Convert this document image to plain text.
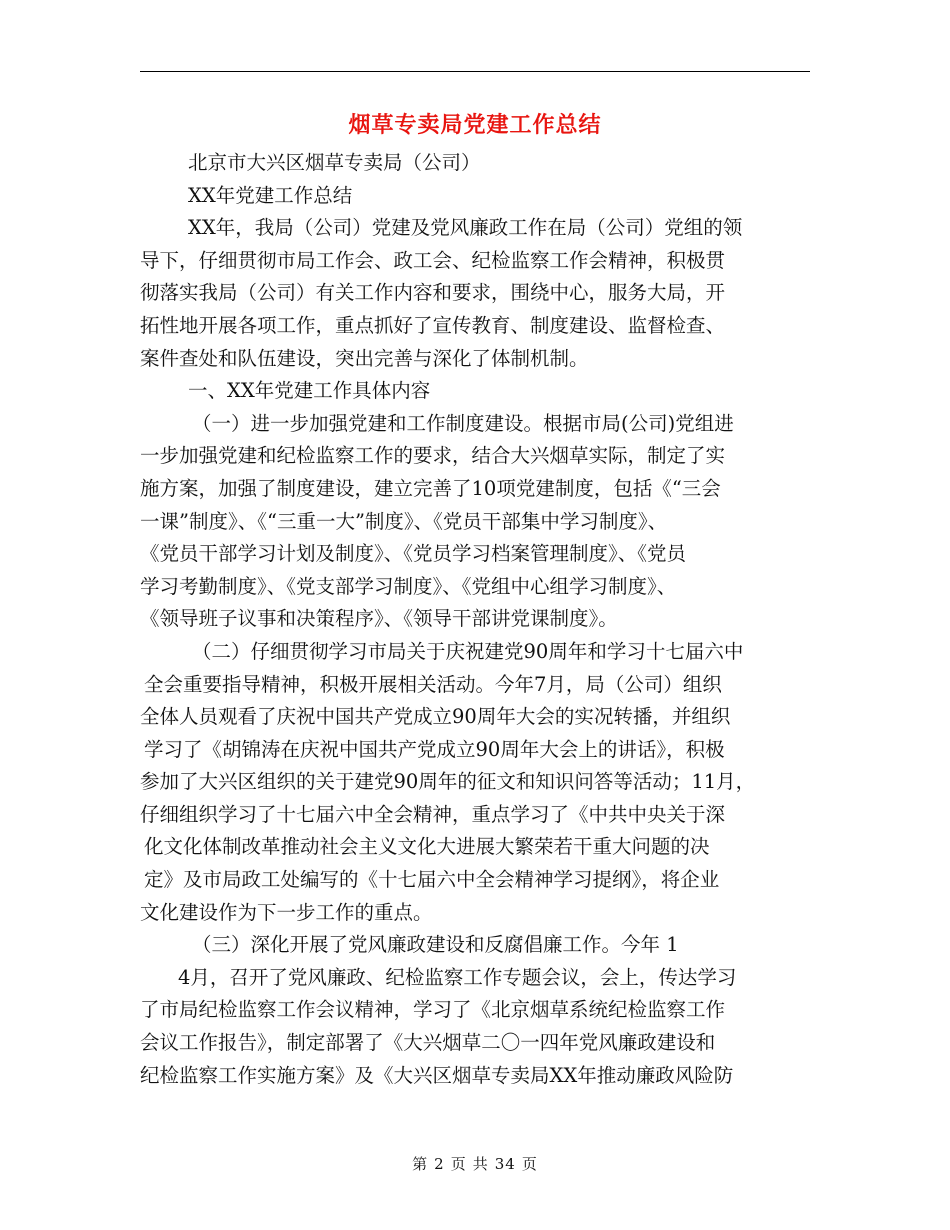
烟草专卖局党建工作总结
北京市大兴区烟草专卖局（公司）
XX年党建工作总结
XX年，我局（公司）党建及党风廉政工作在局（公司）党组的领
导下，仔细贯彻市局工作会、政工会、纪检监察工作会精神，积极贯
彻落实我局（公司）有关工作内容和要求，围绕中心，服务大局，开
拓性地开展各项工作，重点抓好了宣传教育、制度建设、监督检查、
案件查处和队伍建设，突出完善与深化了体制机制。
一、XX年党建工作具体内容
（一）进一步加强党建和工作制度建设。根据市局(公司)党组进
一步加强党建和纪检监察工作的要求，结合大兴烟草实际，制定了实
施方案，加强了制度建设，建立完善了10项党建制度，包括《“三会
一课”制度》、《“三重一大”制度》、《党员干部集中学习制度》、
《党员干部学习计划及制度》、《党员学习档案管理制度》、《党员
学习考勤制度》、《党支部学习制度》、《党组中心组学习制度》、
《领导班子议事和决策程序》、《领导干部讲党课制度》。
（二）仔细贯彻学习市局关于庆祝建党90周年和学习十七届六中
全会重要指导精神，积极开展相关活动。今年7月，局（公司）组织
全体人员观看了庆祝中国共产党成立90周年大会的实况转播，并组织
学习了《胡锦涛在庆祝中国共产党成立90周年大会上的讲话》，积极
参加了大兴区组织的关于建党90周年的征文和知识问答等活动；11月，
仔细组织学习了十七届六中全会精神，重点学习了《中共中央关于深
化文化体制改革推动社会主义文化大进展大繁荣若干重大问题的决
定》及市局政工处编写的《十七届六中全会精神学习提纲》，将企业
文化建设作为下一步工作的重点。
（三）深化开展了党风廉政建设和反腐倡廉工作。今年 1
4月，召开了党风廉政、纪检监察工作专题会议，会上，传达学习
了市局纪检监察工作会议精神，学习了《北京烟草系统纪检监察工作
会议工作报告》，制定部署了《大兴烟草二〇一四年党风廉政建设和
纪检监察工作实施方案》及《大兴区烟草专卖局XX年推动廉政风险防
第 2 页 共 34 页
